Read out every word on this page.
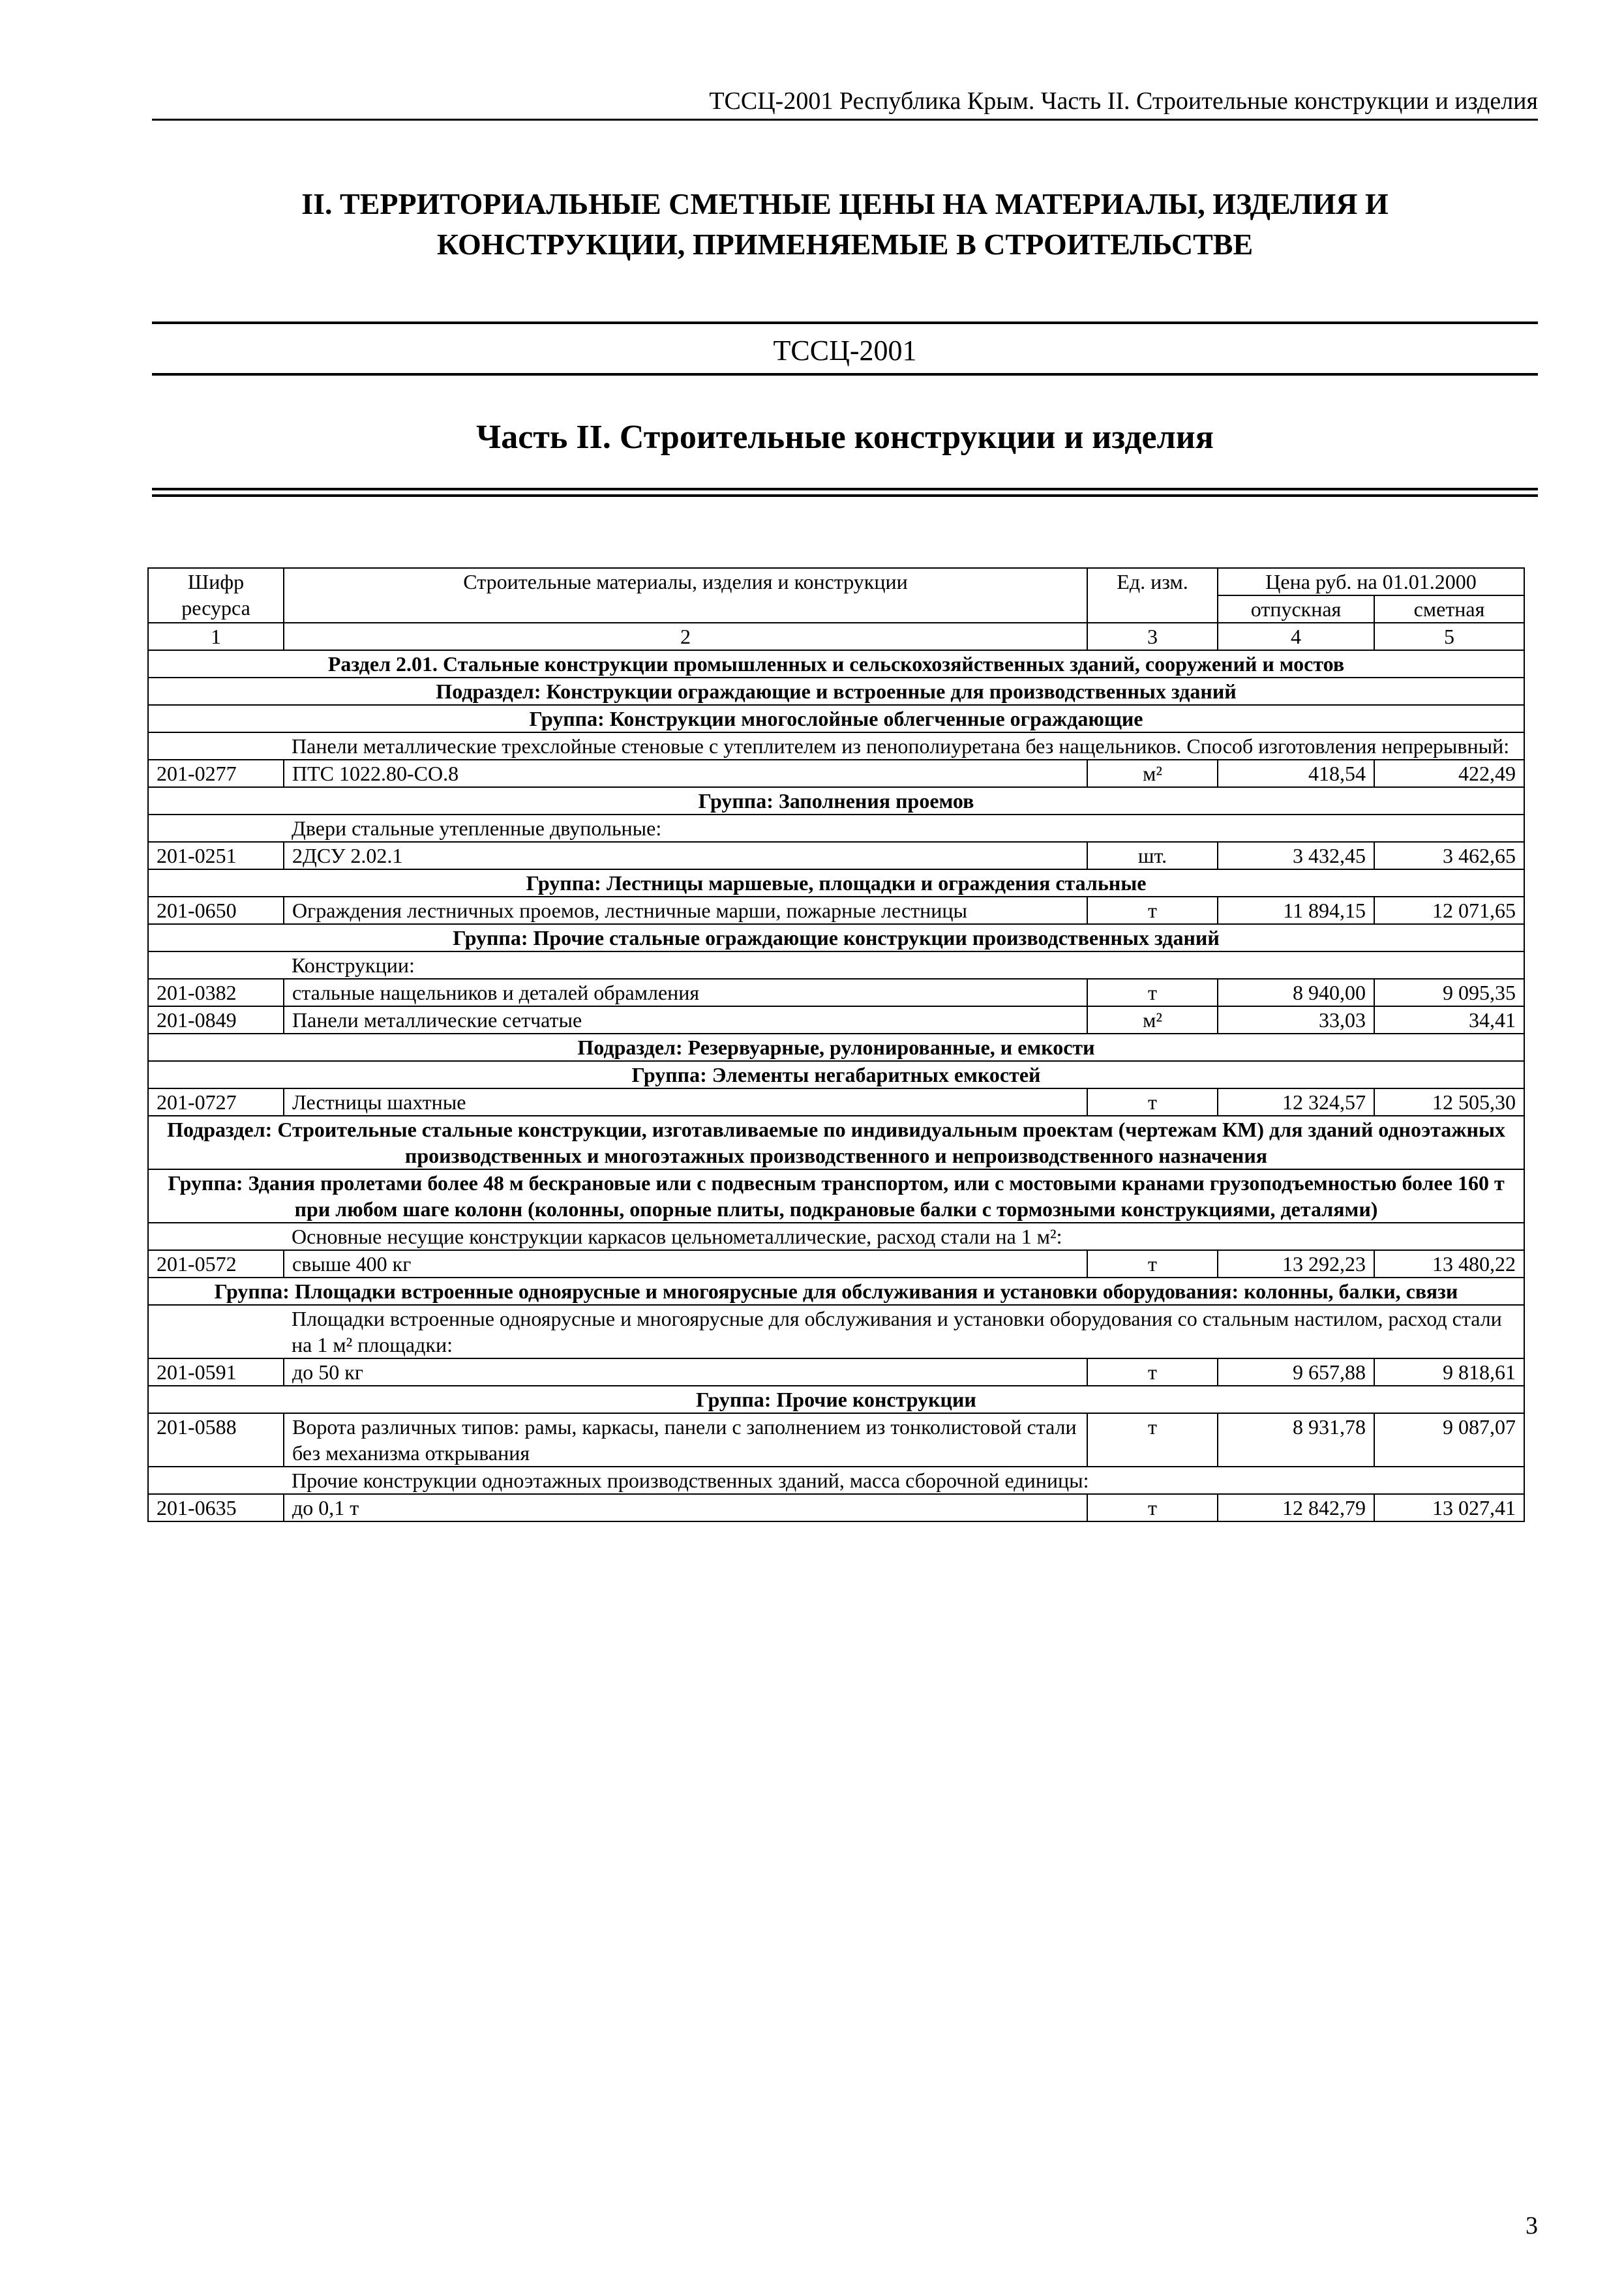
ТССЦ-2001 Республика Крым. Часть II. Строительные конструкции и изделия
II. ТЕРРИТОРИАЛЬНЫЕ СМЕТНЫЕ ЦЕНЫ НА МАТЕРИАЛЫ, ИЗДЕЛИЯ И
КОНСТРУКЦИИ, ПРИМЕНЯЕМЫЕ В СТРОИТЕЛЬСТВЕ
ТССЦ-2001
Часть II. Строительные конструкции и изделия
Шифр ресурса	Строительные материалы, изделия и конструкции	Ед. изм.	Цена руб. на 01.01.2000	
			отпускная	сметная
1	2	3	4	5
Раздел 2.01. Стальные конструкции промышленных и сельскохозяйственных зданий, сооружений и мостов				
Подраздел: Конструкции ограждающие и встроенные для производственных зданий				
Группа: Конструкции многослойные облегченные ограждающие				
	Панели металлические трехслойные стеновые с утеплителем из пенополиуретана без нащельников. Способ изготовления непрерывный:			
201-0277	ПТС 1022.80-СО.8	м²	418,54	422,49
Группа: Заполнения проемов				
	Двери стальные утепленные двупольные:			
201-0251	2ДСУ 2.02.1	шт.	3 432,45	3 462,65
Группа: Лестницы маршевые, площадки и ограждения стальные				
201-0650	Ограждения лестничных проемов, лестничные марши, пожарные лестницы	т	11 894,15	12 071,65
Группа: Прочие стальные ограждающие конструкции производственных зданий				
	Конструкции:			
201-0382	стальные нащельников и деталей обрамления	т	8 940,00	9 095,35
201-0849	Панели металлические сетчатые	м²	33,03	34,41
Подраздел: Резервуарные, рулонированные, и емкости				
Группа: Элементы негабаритных емкостей				
201-0727	Лестницы шахтные	т	12 324,57	12 505,30
Подраздел: Строительные стальные конструкции, изготавливаемые по индивидуальным проектам (чертежам КМ) для зданий одноэтажных производственных и многоэтажных производственного и непроизводственного назначения				
Группа: Здания пролетами более 48 м бескрановые или с подвесным транспортом, или с мостовыми кранами грузоподъемностью более 160 т при любом шаге колонн (колонны, опорные плиты, подкрановые балки с тормозными конструкциями, деталями)				
	Основные несущие конструкции каркасов цельнометаллические, расход стали на 1 м²:			
201-0572	свыше 400 кг	т	13 292,23	13 480,22
Группа: Площадки встроенные одноярусные и многоярусные для обслуживания и установки оборудования: колонны, балки, связи				
	Площадки встроенные одноярусные и многоярусные для обслуживания и установки оборудования со стальным настилом, расход стали на 1 м² площадки:			
201-0591	до 50 кг	т	9 657,88	9 818,61
Группа: Прочие конструкции				
201-0588	Ворота различных типов: рамы, каркасы, панели с заполнением из тонколистовой стали без механизма открывания	т	8 931,78	9 087,07
	Прочие конструкции одноэтажных производственных зданий, масса сборочной единицы:			
201-0635	до 0,1 т	т	12 842,79	13 027,41
3
